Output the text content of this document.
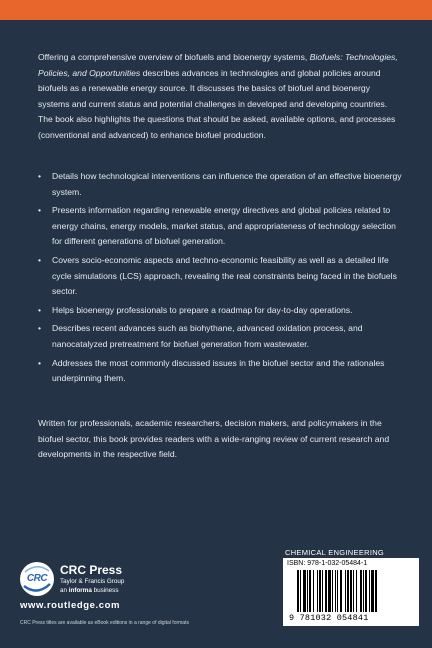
Offering a comprehensive overview of biofuels and bioenergy systems, Biofuels: Technologies, Policies, and Opportunities describes advances in technologies and global policies around biofuels as a renewable energy source. It discusses the basics of biofuel and bioenergy systems and current status and potential challenges in developed and developing countries. The book also highlights the questions that should be asked, available options, and processes (conventional and advanced) to enhance biofuel production.

• Details how technological interventions can influence the operation of an effective bioenergy system.
• Presents information regarding renewable energy directives and global policies related to energy chains, energy models, market status, and appropriateness of technology selection for different generations of biofuel generation.
• Covers socio-economic aspects and techno-economic feasibility as well as a detailed life cycle simulations (LCS) approach, revealing the real constraints being faced in the biofuels sector.
• Helps bioenergy professionals to prepare a roadmap for day-to-day operations.
• Describes recent advances such as biohythane, advanced oxidation process, and nanocatalyzed pretreatment for biofuel generation from wastewater.
• Addresses the most commonly discussed issues in the biofuel sector and the rationales underpinning them.

Written for professionals, academic researchers, decision makers, and policymakers in the biofuel sector, this book provides readers with a wide-ranging review of current research and developments in the respective field.

CRC
CRC Press
Taylor & Francis Group
an informa business
www.routledge.com
CRC Press titles are available as eBook editions in a range of digital formats
CHEMICAL ENGINEERING
ISBN: 978-1-032-05484-1
9 781032 054841
